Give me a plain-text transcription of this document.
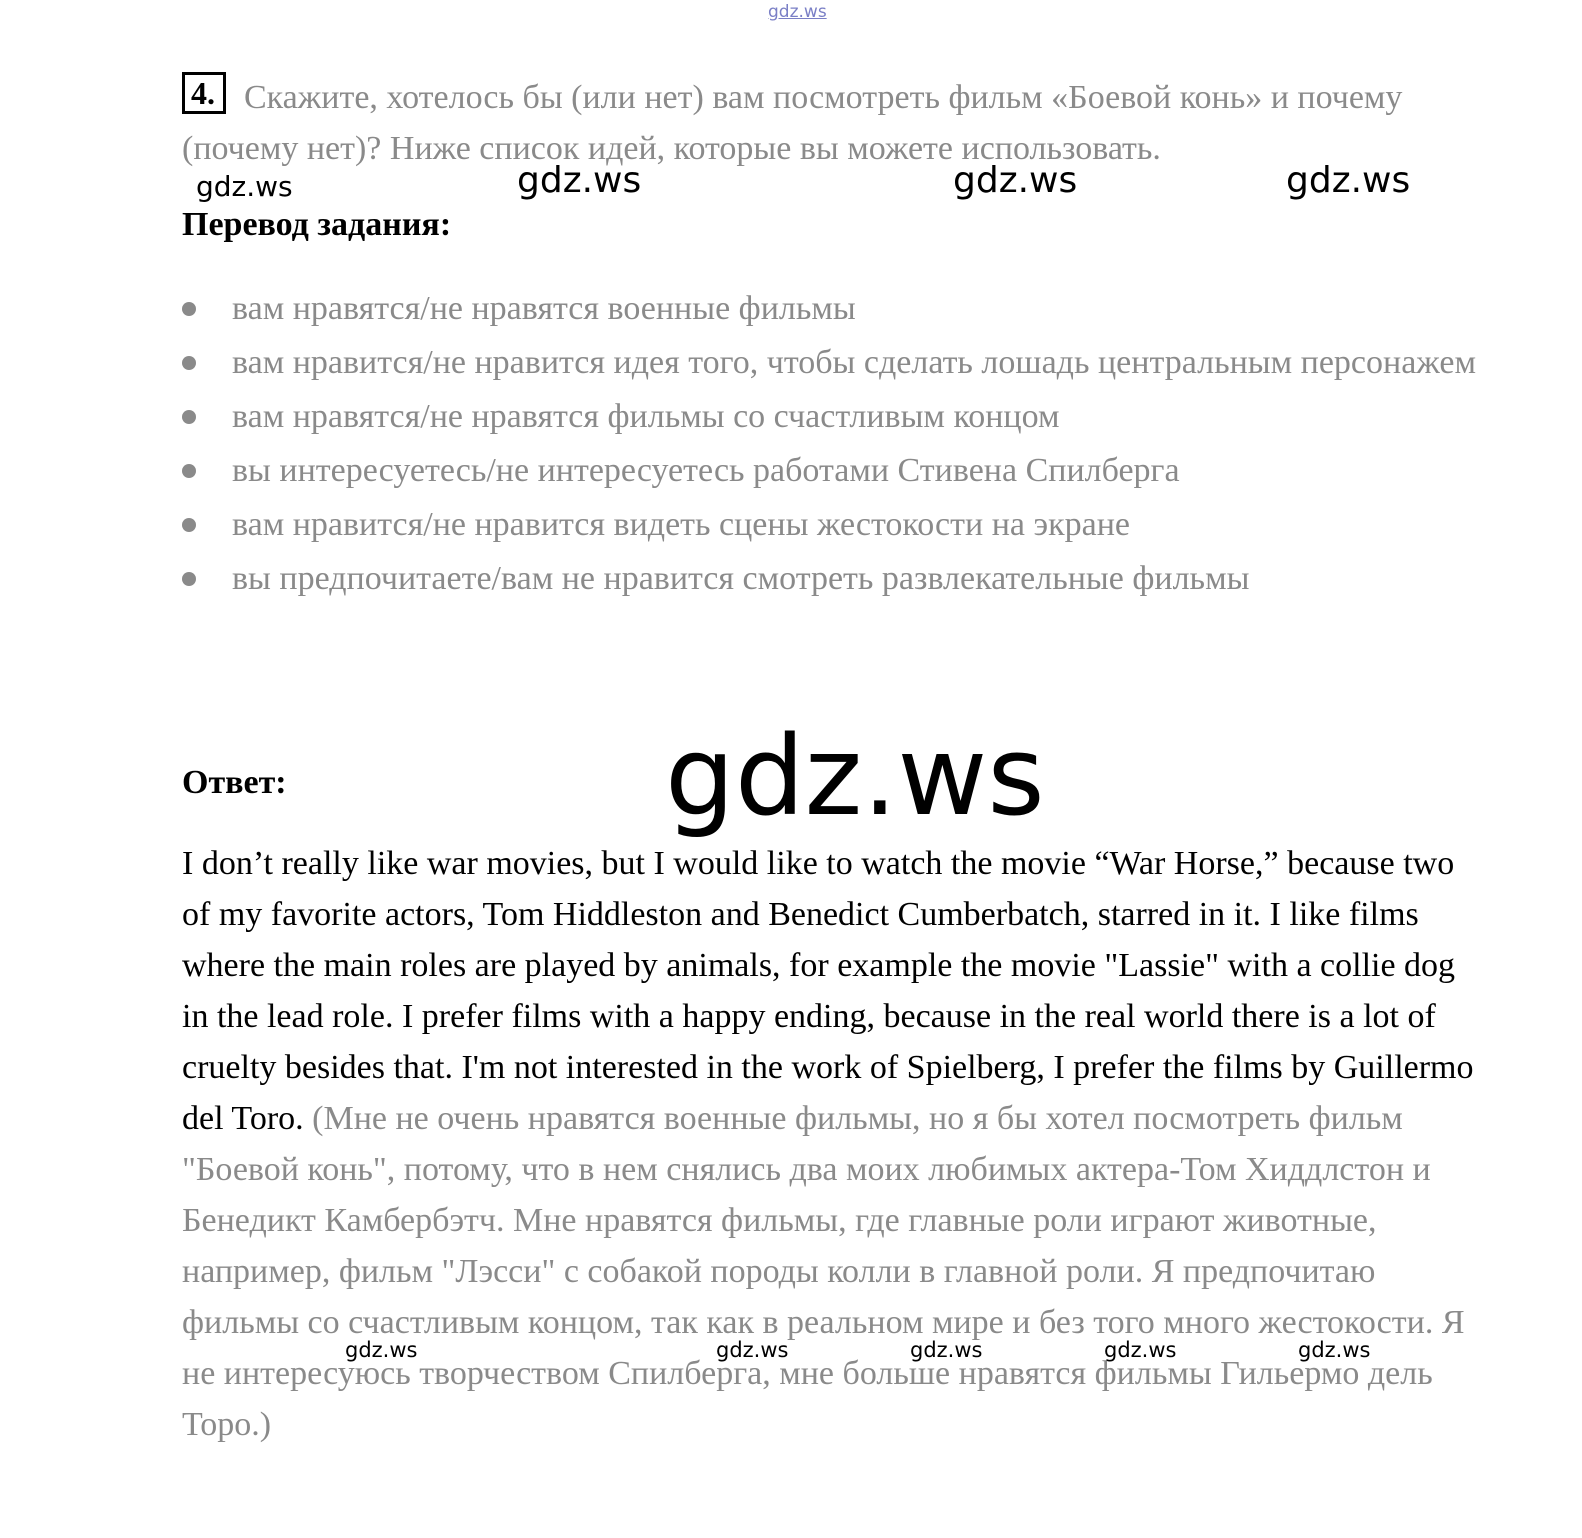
gdz.ws
4. Скажите, хотелось бы (или нет) вам посмотреть фильм «Боевой конь» и почему (почему нет)? Ниже список идей, которые вы можете использовать.
gdz.ws	gdz.ws	gdz.ws	gdz.ws
Перевод задания:
вам нравятся/не нравятся военные фильмы
вам нравится/не нравится идея того, чтобы сделать лошадь центральным персонажем
вам нравятся/не нравятся фильмы со счастливым концом
вы интересуетесь/не интересуетесь работами Стивена Спилберга
вам нравится/не нравится видеть сцены жестокости на экране
вы предпочитаете/вам не нравится смотреть развлекательные фильмы
Ответ:	gdz.ws
I don’t really like war movies, but I would like to watch the movie “War Horse,” because two of my favorite actors, Tom Hiddleston and Benedict Cumberbatch, starred in it. I like films where the main roles are played by animals, for example the movie "Lassie" with a collie dog in the lead role. I prefer films with a happy ending, because in the real world there is a lot of cruelty besides that. I'm not interested in the work of Spielberg, I prefer the films by Guillermo del Toro. (Мне не очень нравятся военные фильмы, но я бы хотел посмотреть фильм "Боевой конь", потому, что в нем снялись два моих любимых актера-Том Хиддлстон и Бенедикт Камбербэтч. Мне нравятся фильмы, где главные роли играют животные, например, фильм "Лэсси" с собакой породы колли в главной роли. Я предпочитаю фильмы со счастливым концом, так как в реальном мире и без того много жестокости. Я не интересуюсь творчеством Спилберга, мне больше нравятся фильмы Гильермо дель Торо.)
gdz.ws	gdz.ws	gdz.ws	gdz.ws	gdz.ws
